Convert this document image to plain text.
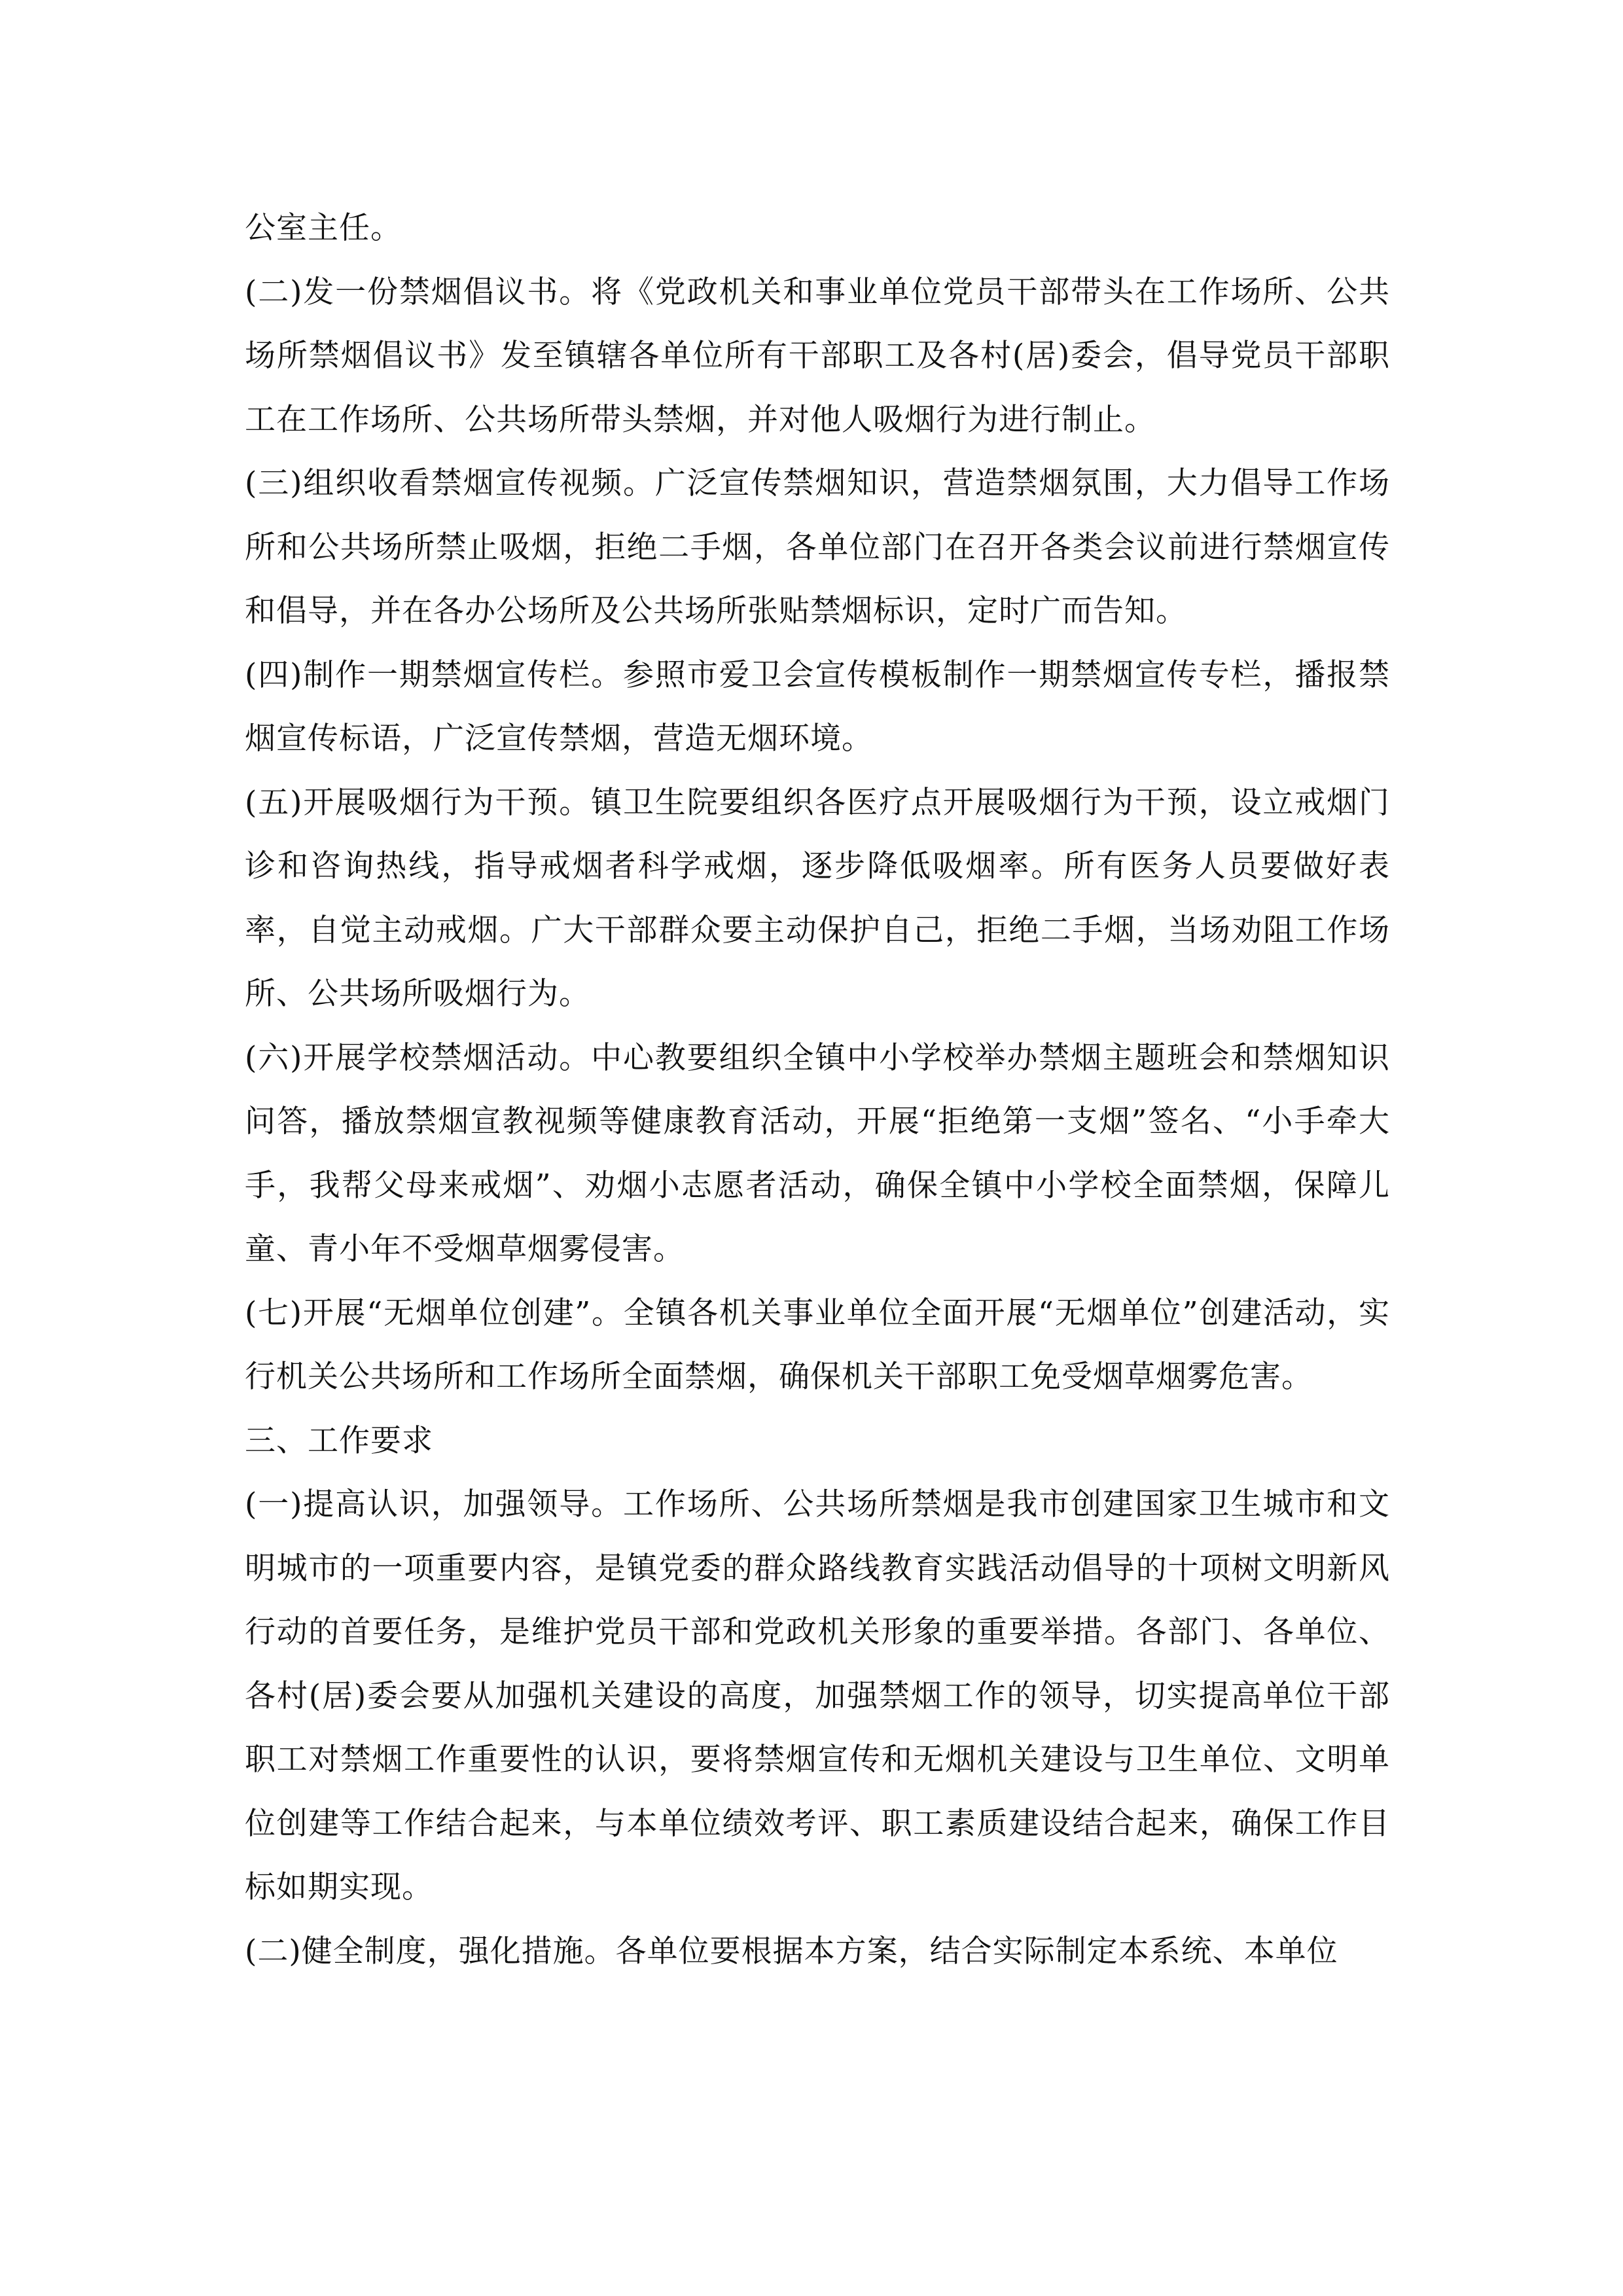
公室主任。

(二)发一份禁烟倡议书。将《党政机关和事业单位党员干部带头在工作场所、公共场所禁烟倡议书》发至镇辖各单位所有干部职工及各村(居)委会，倡导党员干部职工在工作场所、公共场所带头禁烟，并对他人吸烟行为进行制止。

(三)组织收看禁烟宣传视频。广泛宣传禁烟知识，营造禁烟氛围，大力倡导工作场所和公共场所禁止吸烟，拒绝二手烟，各单位部门在召开各类会议前进行禁烟宣传和倡导，并在各办公场所及公共场所张贴禁烟标识，定时广而告知。

(四)制作一期禁烟宣传栏。参照市爱卫会宣传模板制作一期禁烟宣传专栏，播报禁烟宣传标语，广泛宣传禁烟，营造无烟环境。

(五)开展吸烟行为干预。镇卫生院要组织各医疗点开展吸烟行为干预，设立戒烟门诊和咨询热线，指导戒烟者科学戒烟，逐步降低吸烟率。所有医务人员要做好表率，自觉主动戒烟。广大干部群众要主动保护自己，拒绝二手烟，当场劝阻工作场所、公共场所吸烟行为。

(六)开展学校禁烟活动。中心教要组织全镇中小学校举办禁烟主题班会和禁烟知识问答，播放禁烟宣教视频等健康教育活动，开展“拒绝第一支烟”签名、“小手牵大手，我帮父母来戒烟”、劝烟小志愿者活动，确保全镇中小学校全面禁烟，保障儿童、青小年不受烟草烟雾侵害。

(七)开展“无烟单位创建”。全镇各机关事业单位全面开展“无烟单位”创建活动，实行机关公共场所和工作场所全面禁烟，确保机关干部职工免受烟草烟雾危害。

三、工作要求

(一)提高认识，加强领导。工作场所、公共场所禁烟是我市创建国家卫生城市和文明城市的一项重要内容，是镇党委的群众路线教育实践活动倡导的十项树文明新风行动的首要任务，是维护党员干部和党政机关形象的重要举措。各部门、各单位、各村(居)委会要从加强机关建设的高度，加强禁烟工作的领导，切实提高单位干部职工对禁烟工作重要性的认识，要将禁烟宣传和无烟机关建设与卫生单位、文明单位创建等工作结合起来，与本单位绩效考评、职工素质建设结合起来，确保工作目标如期实现。

(二)健全制度，强化措施。各单位要根据本方案，结合实际制定本系统、本单位
